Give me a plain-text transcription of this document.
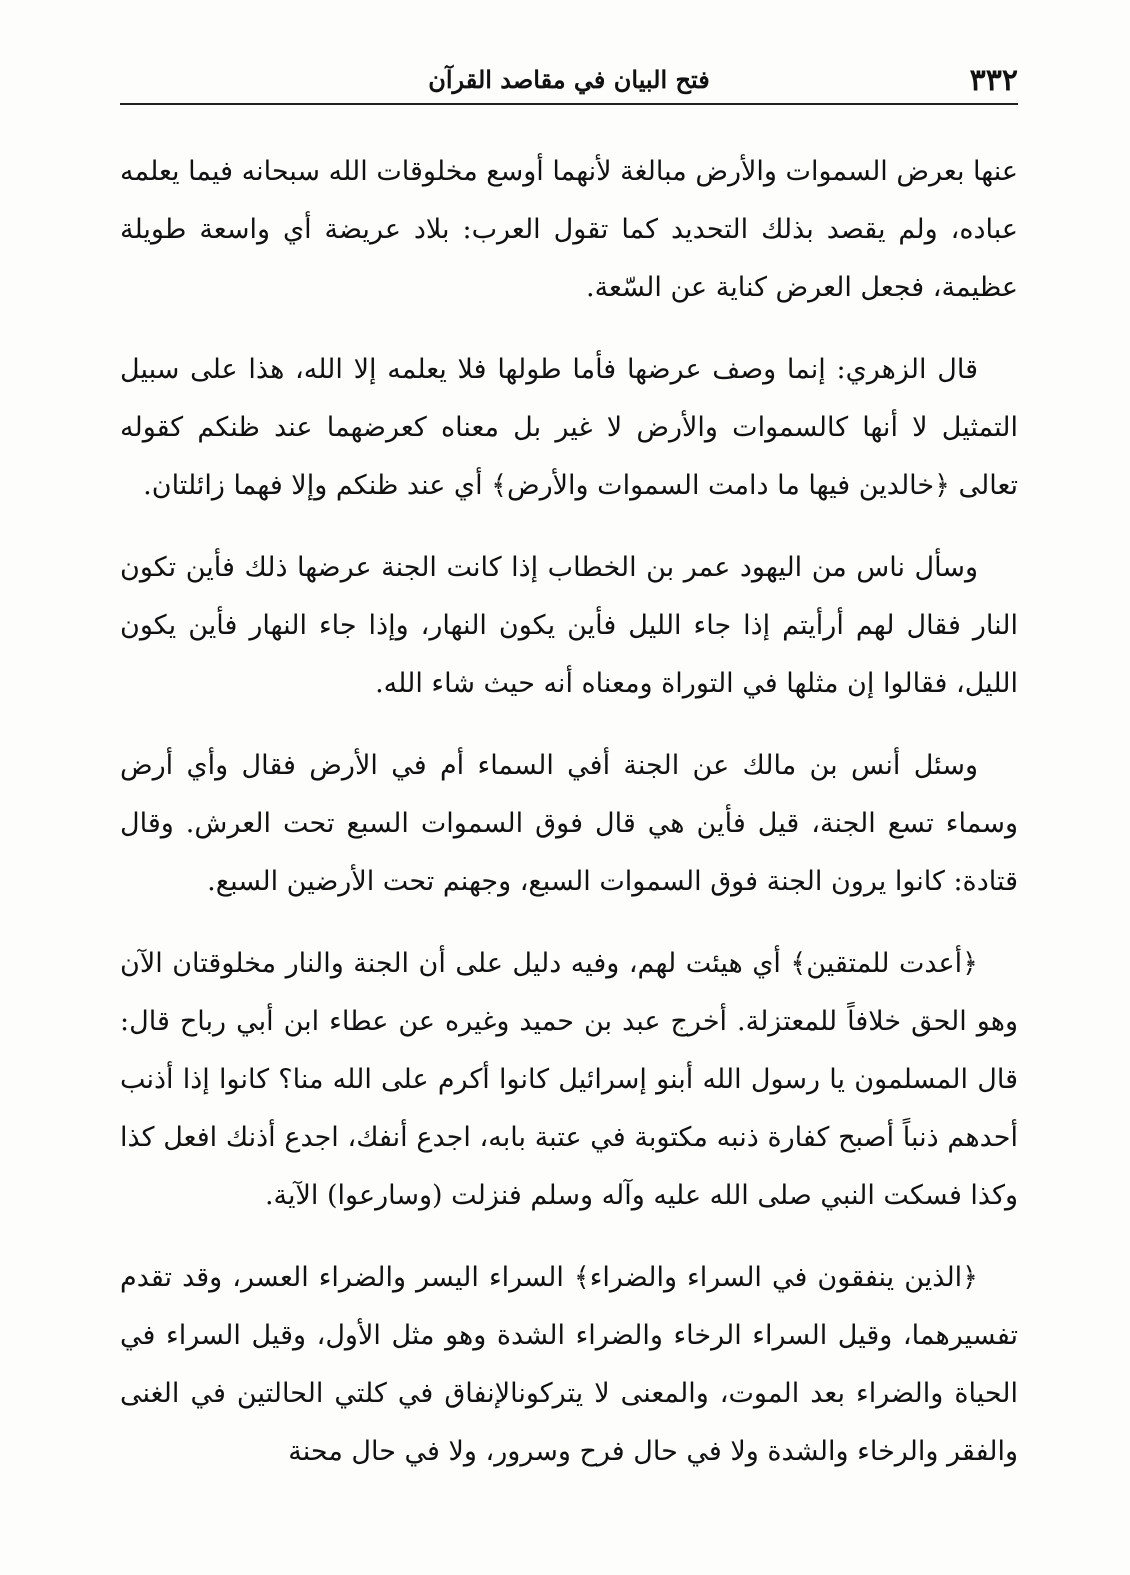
٣٣٢
فتح البيان في مقاصد القرآن

عنها بعرض السموات والأرض مبالغة لأنهما أوسع مخلوقات الله سبحانه فيما يعلمه عباده، ولم يقصد بذلك التحديد كما تقول العرب: بلاد عريضة أي واسعة طويلة عظيمة، فجعل العرض كناية عن السّعة.

قال الزهري: إنما وصف عرضها فأما طولها فلا يعلمه إلا الله، هذا على سبيل التمثيل لا أنها كالسموات والأرض لا غير بل معناه كعرضهما عند ظنكم كقوله تعالى ﴿خالدين فيها ما دامت السموات والأرض﴾ أي عند ظنكم وإلا فهما زائلتان.

وسأل ناس من اليهود عمر بن الخطاب إذا كانت الجنة عرضها ذلك فأين تكون النار فقال لهم أرأيتم إذا جاء الليل فأين يكون النهار، وإذا جاء النهار فأين يكون الليل، فقالوا إن مثلها في التوراة ومعناه أنه حيث شاء الله.

وسئل أنس بن مالك عن الجنة أفي السماء أم في الأرض فقال وأي أرض وسماء تسع الجنة، قيل فأين هي قال فوق السموات السبع تحت العرش. وقال قتادة: كانوا يرون الجنة فوق السموات السبع، وجهنم تحت الأرضين السبع.

﴿أعدت للمتقين﴾ أي هيئت لهم، وفيه دليل على أن الجنة والنار مخلوقتان الآن وهو الحق خلافاً للمعتزلة. أخرج عبد بن حميد وغيره عن عطاء ابن أبي رباح قال: قال المسلمون يا رسول الله أبنو إسرائيل كانوا أكرم على الله منا؟ كانوا إذا أذنب أحدهم ذنباً أصبح كفارة ذنبه مكتوبة في عتبة بابه، اجدع أنفك، اجدع أذنك افعل كذا وكذا فسكت النبي صلى الله عليه وآله وسلم فنزلت (وسارعوا) الآية.

﴿الذين ينفقون في السراء والضراء﴾ السراء اليسر والضراء العسر، وقد تقدم تفسيرهما، وقيل السراء الرخاء والضراء الشدة وهو مثل الأول، وقيل السراء في الحياة والضراء بعد الموت، والمعنى لا يتركونالإنفاق في كلتي الحالتين في الغنى والفقر والرخاء والشدة ولا في حال فرح وسرور، ولا في حال محنة
